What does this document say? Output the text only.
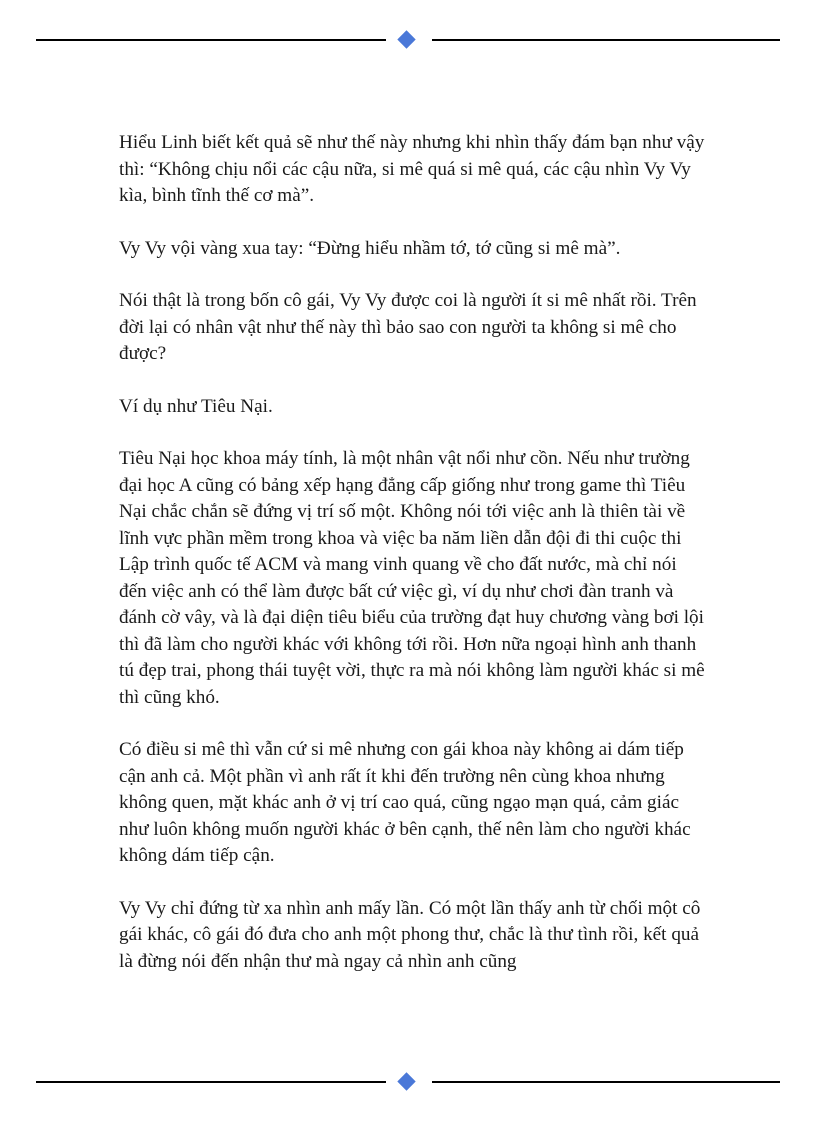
Hiểu Linh biết kết quả sẽ như thế này nhưng khi nhìn thấy đám bạn như vậy thì: “Không chịu nổi các cậu nữa, si mê quá si mê quá, các cậu nhìn Vy Vy kìa, bình tĩnh thế cơ mà”.

Vy Vy vội vàng xua tay: “Đừng hiểu nhầm tớ, tớ cũng si mê mà”.

Nói thật là trong bốn cô gái, Vy Vy được coi là người ít si mê nhất rồi. Trên đời lại có nhân vật như thế này thì bảo sao con người ta không si mê cho được?

Ví dụ như Tiêu Nại.

Tiêu Nại học khoa máy tính, là một nhân vật nổi như cồn. Nếu như trường đại học A cũng có bảng xếp hạng đẳng cấp giống như trong game thì Tiêu Nại chắc chắn sẽ đứng vị trí số một. Không nói tới việc anh là thiên tài về lĩnh vực phần mềm trong khoa và việc ba năm liền dẫn đội đi thi cuộc thi Lập trình quốc tế ACM và mang vinh quang về cho đất nước, mà chỉ nói đến việc anh có thể làm được bất cứ việc gì, ví dụ như chơi đàn tranh và đánh cờ vây, và là đại diện tiêu biểu của trường đạt huy chương vàng bơi lội thì đã làm cho người khác với không tới rồi. Hơn nữa ngoại hình anh thanh tú đẹp trai, phong thái tuyệt vời, thực ra mà nói không làm người khác si mê thì cũng khó.

Có điều si mê thì vẫn cứ si mê nhưng con gái khoa này không ai dám tiếp cận anh cả. Một phần vì anh rất ít khi đến trường nên cùng khoa nhưng không quen, mặt khác anh ở vị trí cao quá, cũng ngạo mạn quá, cảm giác như luôn không muốn người khác ở bên cạnh, thế nên làm cho người khác không dám tiếp cận.

Vy Vy chỉ đứng từ xa nhìn anh mấy lần. Có một lần thấy anh từ chối một cô gái khác, cô gái đó đưa cho anh một phong thư, chắc là thư tình rồi, kết quả là đừng nói đến nhận thư mà ngay cả nhìn anh cũng
